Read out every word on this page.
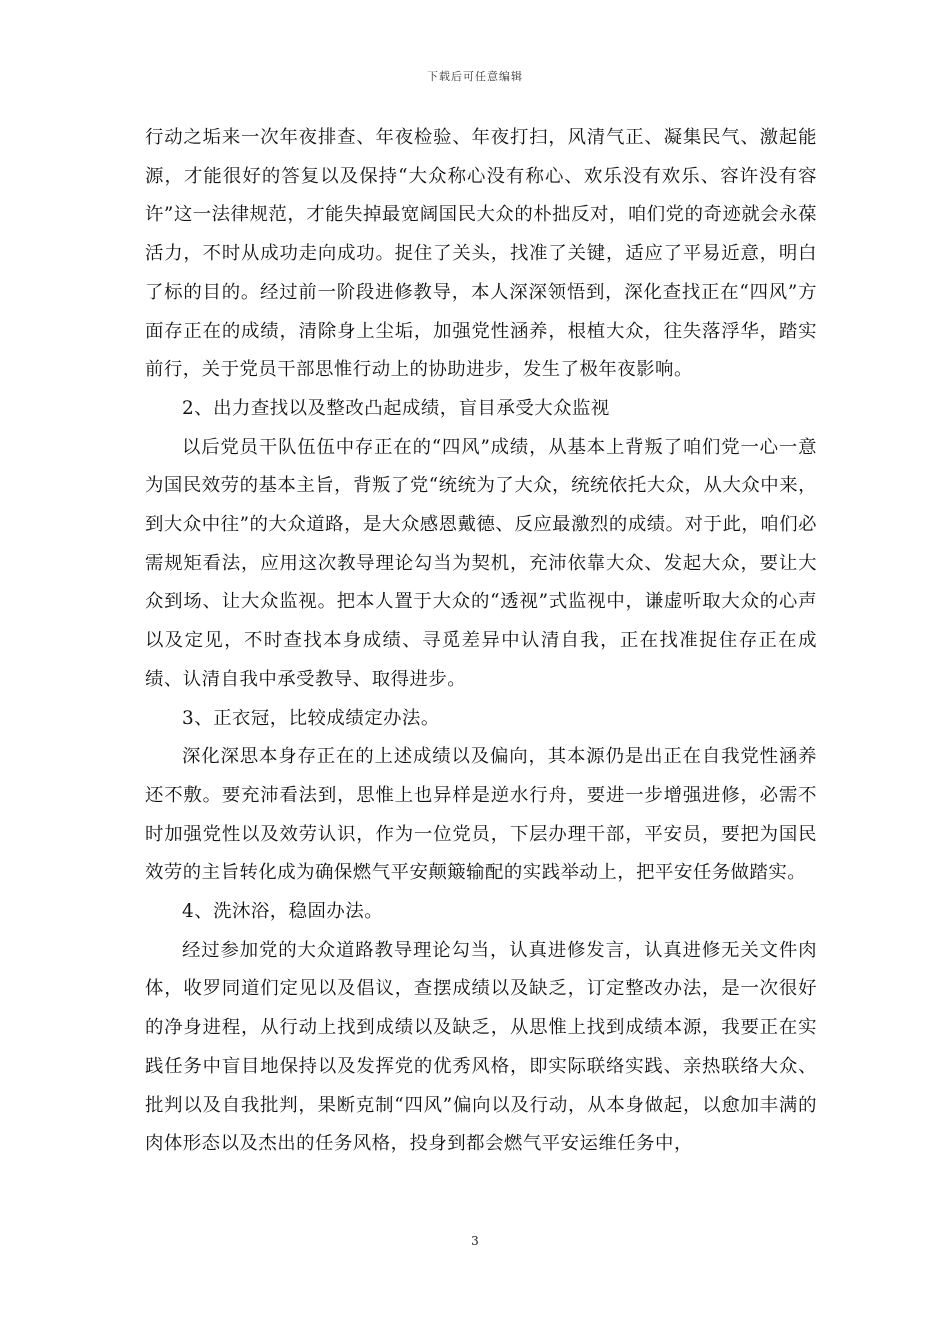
下载后可任意编辑

行动之垢来一次年夜排查、年夜检验、年夜打扫，风清气正、凝集民气、激起能源，才能很好的答复以及保持“大众称心没有称心、欢乐没有欢乐、容许没有容许”这一法律规范，才能失掉最宽阔国民大众的朴拙反对，咱们党的奇迹就会永葆活力，不时从成功走向成功。捉住了关头，找准了关键，适应了平易近意，明白了标的目的。经过前一阶段进修教导，本人深深领悟到，深化查找正在“四风”方面存正在的成绩，清除身上尘垢，加强党性涵养，根植大众，往失落浮华，踏实前行，关于党员干部思惟行动上的协助进步，发生了极年夜影响。

2、出力查找以及整改凸起成绩，盲目承受大众监视

以后党员干队伍伍中存正在的“四风”成绩，从基本上背叛了咱们党一心一意为国民效劳的基本主旨，背叛了党“统统为了大众，统统依托大众，从大众中来，到大众中往”的大众道路，是大众感恩戴德、反应最激烈的成绩。对于此，咱们必需规矩看法，应用这次教导理论勾当为契机，充沛依靠大众、发起大众，要让大众到场、让大众监视。把本人置于大众的“透视”式监视中，谦虚听取大众的心声以及定见，不时查找本身成绩、寻觅差异中认清自我，正在找准捉住存正在成绩、认清自我中承受教导、取得进步。

3、正衣冠，比较成绩定办法。

深化深思本身存正在的上述成绩以及偏向，其本源仍是出正在自我党性涵养还不敷。要充沛看法到，思惟上也异样是逆水行舟，要进一步增强进修，必需不时加强党性以及效劳认识，作为一位党员，下层办理干部，平安员，要把为国民效劳的主旨转化成为确保燃气平安颠簸输配的实践举动上，把平安任务做踏实。

4、洗沐浴，稳固办法。

经过参加党的大众道路教导理论勾当，认真进修发言，认真进修无关文件肉体，收罗同道们定见以及倡议，查摆成绩以及缺乏，订定整改办法，是一次很好的净身进程，从行动上找到成绩以及缺乏，从思惟上找到成绩本源，我要正在实践任务中盲目地保持以及发挥党的优秀风格，即实际联络实践、亲热联络大众、批判以及自我批判，果断克制“四风”偏向以及行动，从本身做起，以愈加丰满的肉体形态以及杰出的任务风格，投身到都会燃气平安运维任务中，

3
